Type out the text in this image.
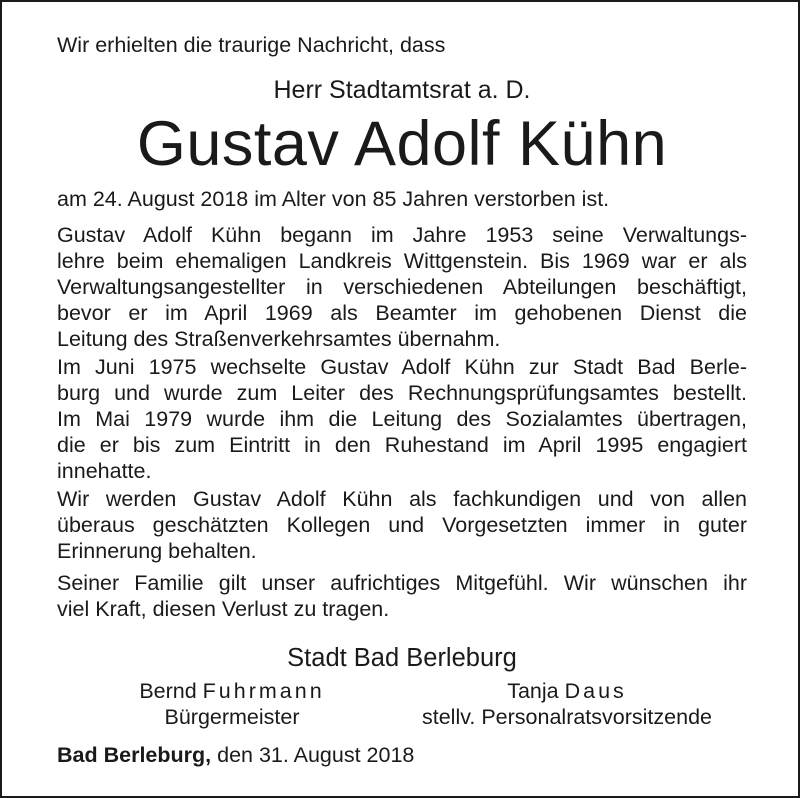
Wir erhielten die traurige Nachricht, dass
Herr Stadtamtsrat a. D.
Gustav Adolf Kühn
am 24. August 2018 im Alter von 85 Jahren verstorben ist.
Gustav Adolf Kühn begann im Jahre 1953 seine Verwaltungs-
lehre beim ehemaligen Landkreis Wittgenstein. Bis 1969 war er als
Verwaltungsangestellter in verschiedenen Abteilungen beschäftigt,
bevor er im April 1969 als Beamter im gehobenen Dienst die
Leitung des Straßenverkehrsamtes übernahm.
Im Juni 1975 wechselte Gustav Adolf Kühn zur Stadt Bad Berle-
burg und wurde zum Leiter des Rechnungsprüfungsamtes bestellt.
Im Mai 1979 wurde ihm die Leitung des Sozialamtes übertragen,
die er bis zum Eintritt in den Ruhestand im April 1995 engagiert
innehatte.
Wir werden Gustav Adolf Kühn als fachkundigen und von allen
überaus geschätzten Kollegen und Vorgesetzten immer in guter
Erinnerung behalten.
Seiner Familie gilt unser aufrichtiges Mitgefühl. Wir wünschen ihr
viel Kraft, diesen Verlust zu tragen.
Stadt Bad Berleburg
Bernd Fuhrmann
Bürgermeister
Tanja Daus
stellv. Personalratsvorsitzende
Bad Berleburg, den 31. August 2018
